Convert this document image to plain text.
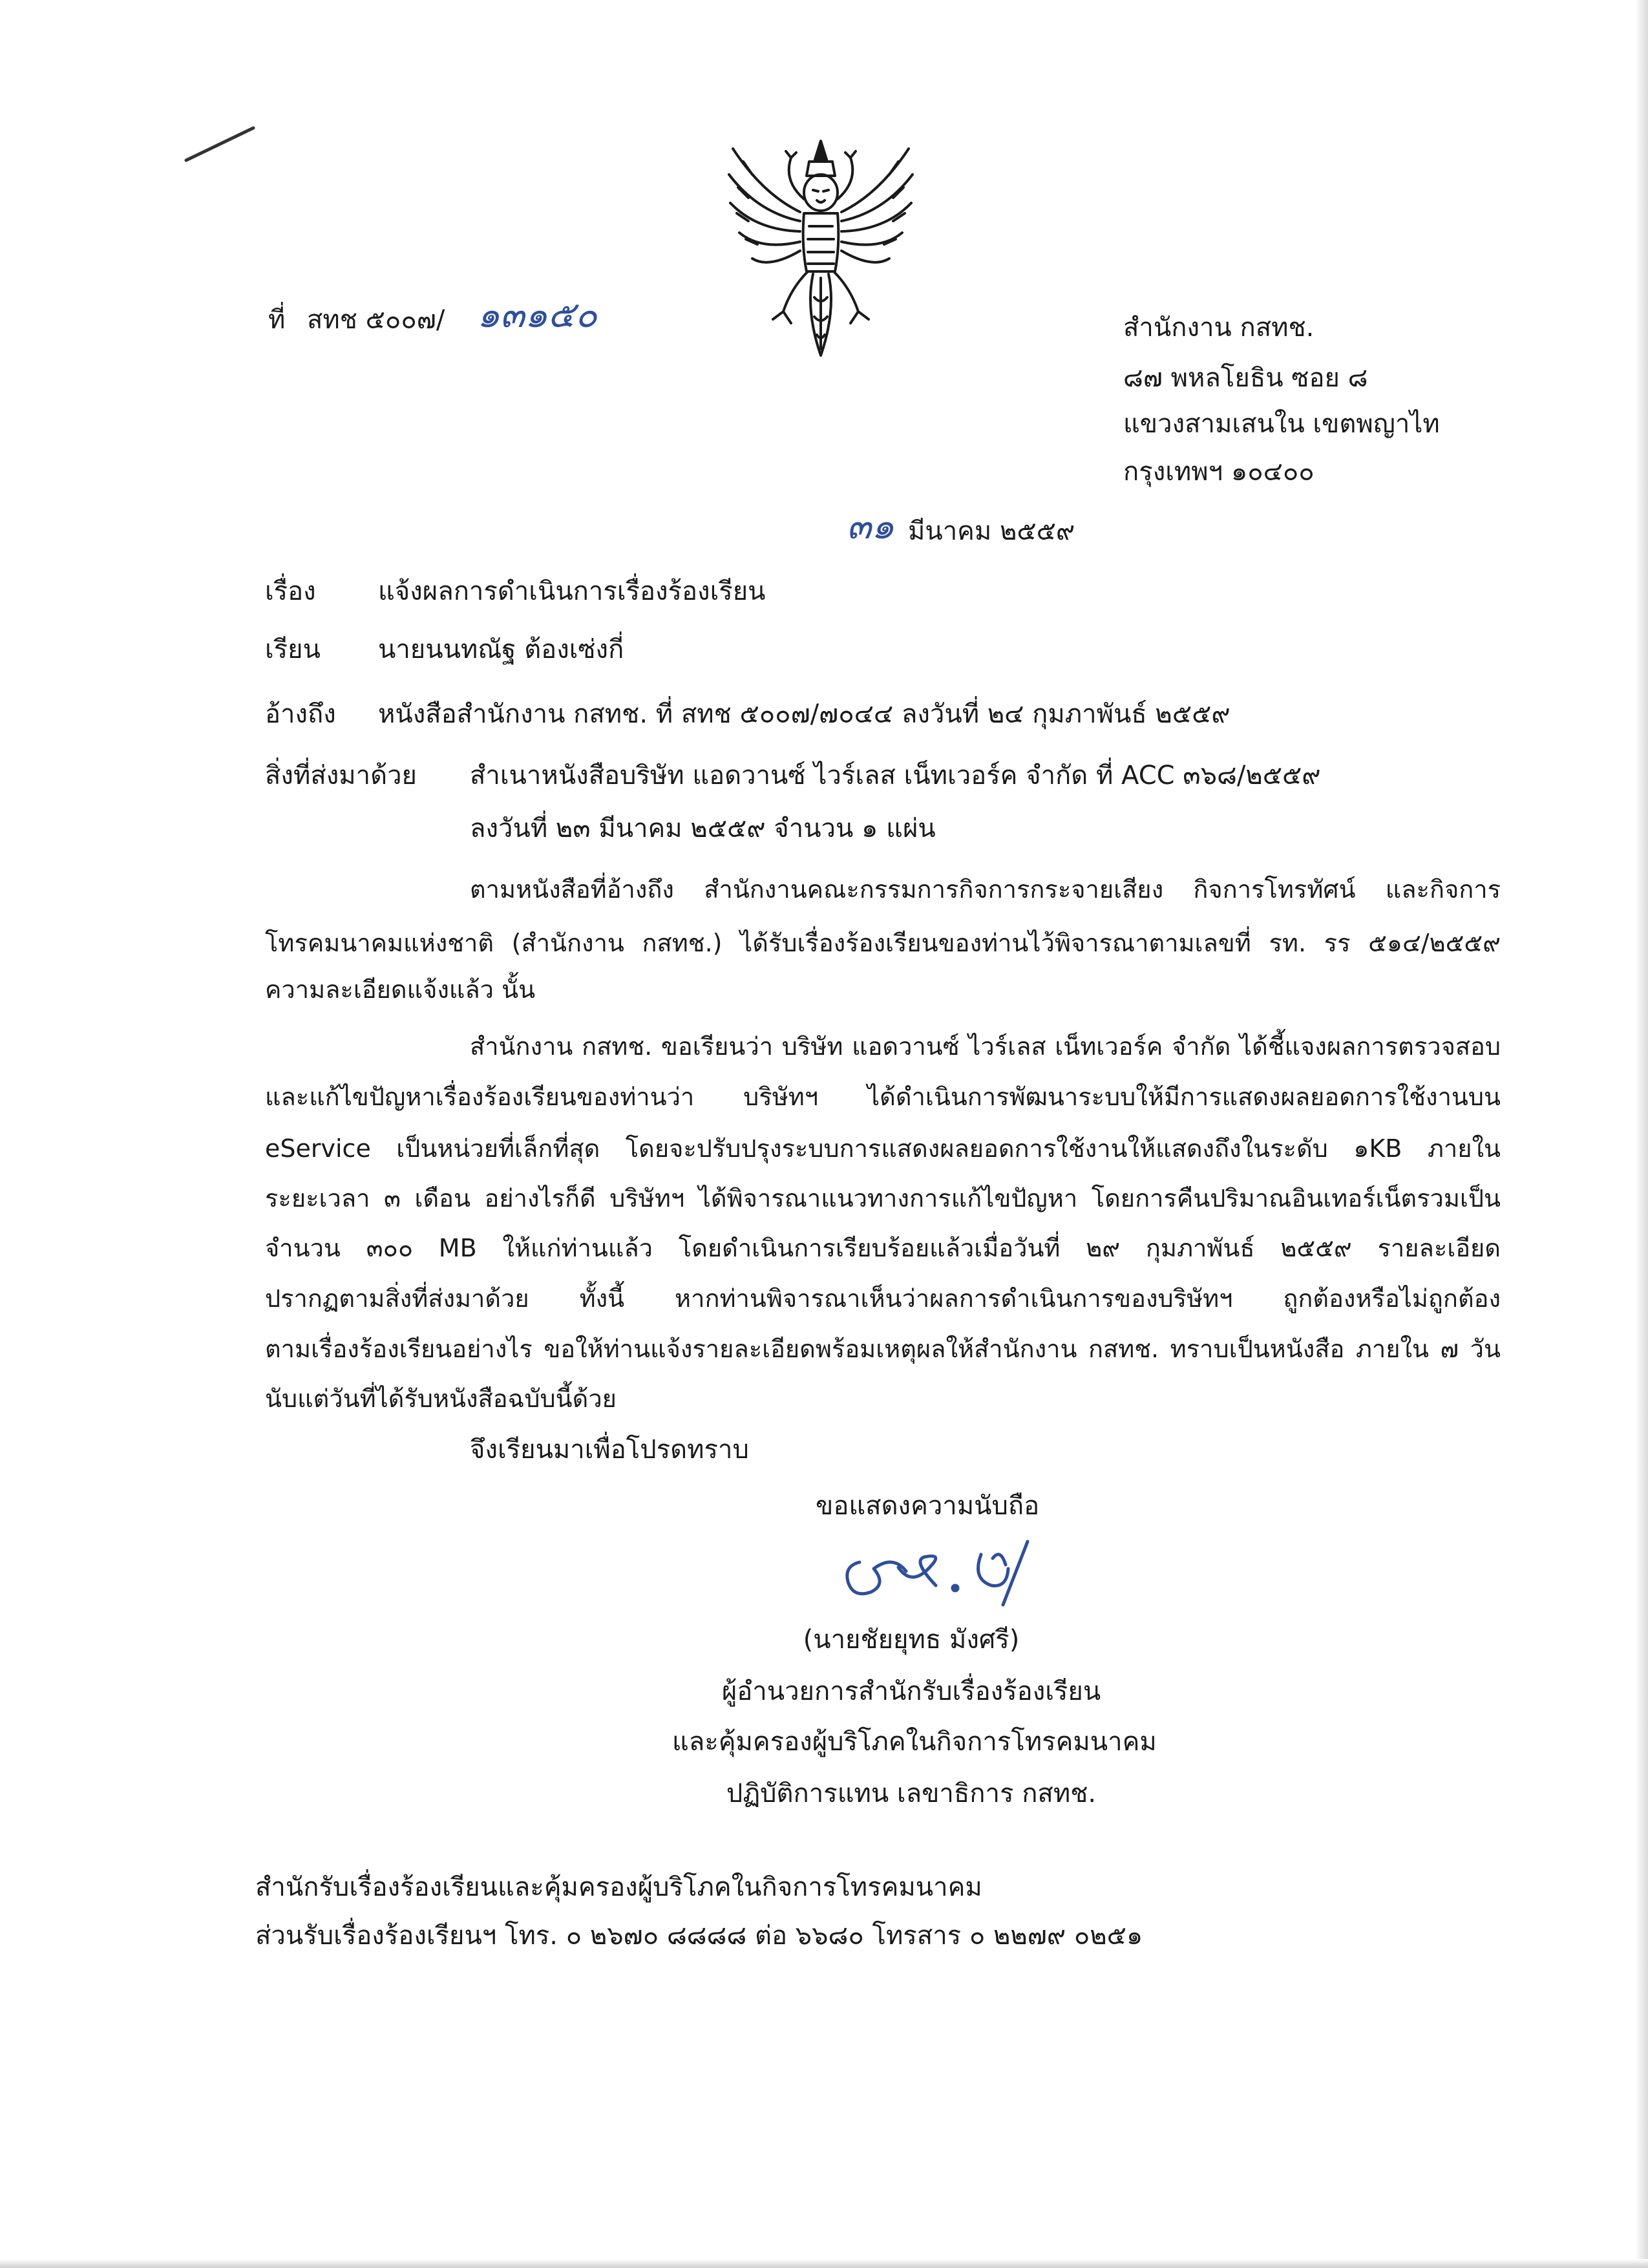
ที่ สทช ๕๐๐๗/ ๑๓๑๕๐	สำนักงาน กสทช.
๘๗ พหลโยธิน ซอย ๘
แขวงสามเสนใน เขตพญาไท
กรุงเทพฯ ๑๐๔๐๐
๓๑ มีนาคม ๒๕๕๙
เรื่อง แจ้งผลการดำเนินการเรื่องร้องเรียน
เรียน นายนนทณัฐ ต้องเซ่งกี่
อ้างถึง หนังสือสำนักงาน กสทช. ที่ สทช ๕๐๐๗/๗๐๔๔ ลงวันที่ ๒๔ กุมภาพันธ์ ๒๕๕๙
สิ่งที่ส่งมาด้วย สำเนาหนังสือบริษัท แอดวานซ์ ไวร์เลส เน็ทเวอร์ค จำกัด ที่ ACC ๓๖๘/๒๕๕๙
ลงวันที่ ๒๓ มีนาคม ๒๕๕๙ จำนวน ๑ แผ่น
ตามหนังสือที่อ้างถึง สำนักงานคณะกรรมการกิจการกระจายเสียง กิจการโทรทัศน์ และกิจการ
โทรคมนาคมแห่งชาติ (สำนักงาน กสทช.) ได้รับเรื่องร้องเรียนของท่านไว้พิจารณาตามเลขที่ รท. รร ๕๑๔/๒๕๕๙
ความละเอียดแจ้งแล้ว นั้น
สำนักงาน กสทช. ขอเรียนว่า บริษัท แอดวานซ์ ไวร์เลส เน็ทเวอร์ค จำกัด ได้ชี้แจงผลการตรวจสอบ
และแก้ไขปัญหาเรื่องร้องเรียนของท่านว่า บริษัทฯ ได้ดำเนินการพัฒนาระบบให้มีการแสดงผลยอดการใช้งานบน
eService เป็นหน่วยที่เล็กที่สุด โดยจะปรับปรุงระบบการแสดงผลยอดการใช้งานให้แสดงถึงในระดับ ๑KB ภายใน
ระยะเวลา ๓ เดือน อย่างไรก็ดี บริษัทฯ ได้พิจารณาแนวทางการแก้ไขปัญหา โดยการคืนปริมาณอินเทอร์เน็ตรวมเป็น
จำนวน ๓๐๐ MB ให้แก่ท่านแล้ว โดยดำเนินการเรียบร้อยแล้วเมื่อวันที่ ๒๙ กุมภาพันธ์ ๒๕๕๙ รายละเอียด
ปรากฏตามสิ่งที่ส่งมาด้วย ทั้งนี้ หากท่านพิจารณาเห็นว่าผลการดำเนินการของบริษัทฯ ถูกต้องหรือไม่ถูกต้อง
ตามเรื่องร้องเรียนอย่างไร ขอให้ท่านแจ้งรายละเอียดพร้อมเหตุผลให้สำนักงาน กสทช. ทราบเป็นหนังสือ ภายใน ๗ วัน
นับแต่วันที่ได้รับหนังสือฉบับนี้ด้วย
จึงเรียนมาเพื่อโปรดทราบ
ขอแสดงความนับถือ
(นายชัยยุทธ มังศรี)
ผู้อำนวยการสำนักรับเรื่องร้องเรียน
และคุ้มครองผู้บริโภคในกิจการโทรคมนาคม
ปฏิบัติการแทน เลขาธิการ กสทช.
สำนักรับเรื่องร้องเรียนและคุ้มครองผู้บริโภคในกิจการโทรคมนาคม
ส่วนรับเรื่องร้องเรียนฯ โทร. ๐ ๒๖๗๐ ๘๘๘๘ ต่อ ๖๖๘๐ โทรสาร ๐ ๒๒๗๙ ๐๒๕๑
